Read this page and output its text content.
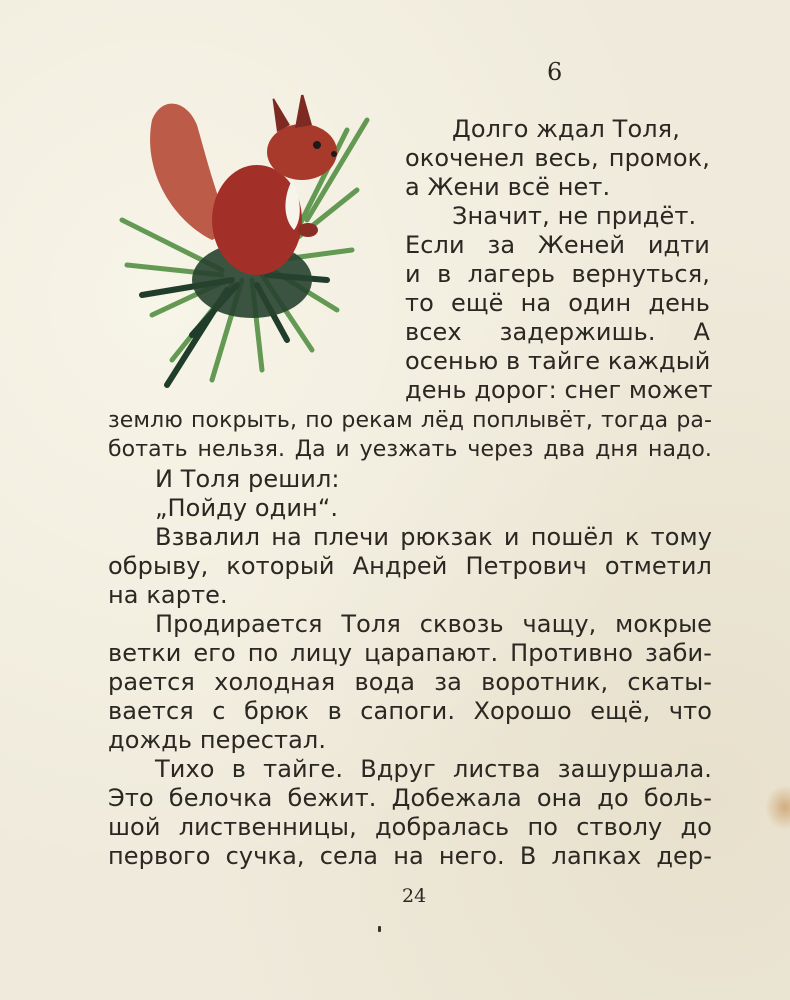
6
Долго ждал Толя,
окоченел весь, промок,
а Жени всё нет.
Значит, не придёт.
Если за Женей идти
и в лагерь вернуться,
то ещё на один день
всех задержишь. А
осенью в тайге каждый
день дорог: снег может
землю покрыть, по рекам лёд поплывёт, тогда ра-
ботать нельзя. Да и уезжать через два дня надо.
И Толя решил:
„Пойду один“.
Взвалил на плечи рюкзак и пошёл к тому
обрыву, который Андрей Петрович отметил
на карте.
Продирается Толя сквозь чащу, мокрые
ветки его по лицу царапают. Противно заби-
рается холодная вода за воротник, скаты-
вается с брюк в сапоги. Хорошо ещё, что
дождь перестал.
Тихо в тайге. Вдруг листва зашуршала.
Это белочка бежит. Добежала она до боль-
шой лиственницы, добралась по стволу до
первого сучка, села на него. В лапках дер-
24
